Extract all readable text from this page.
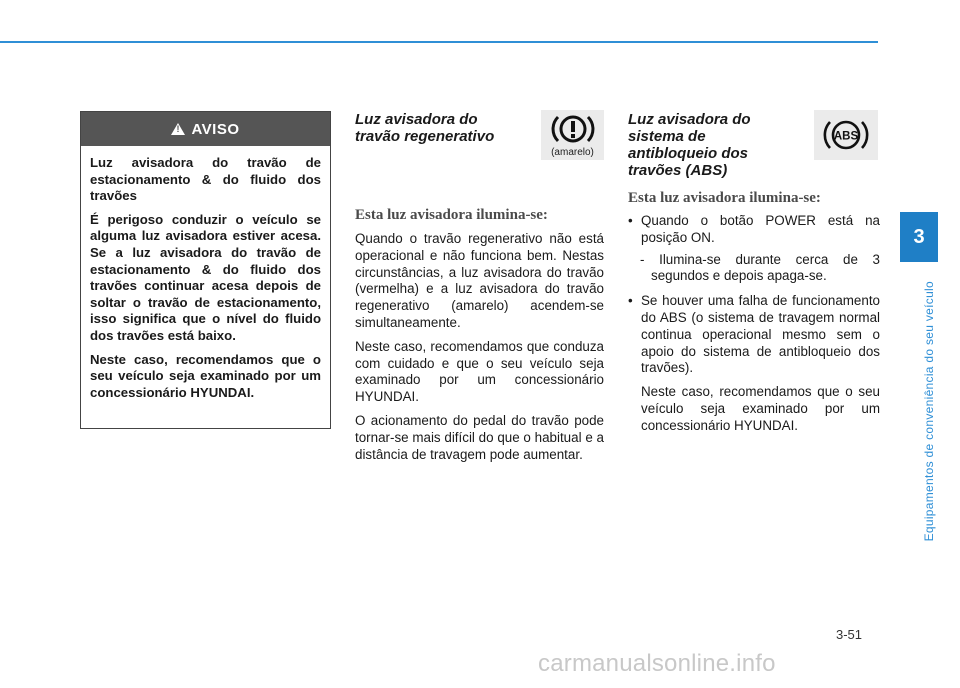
3
Equipamentos de conveniência do seu veículo
!
AVISO

Luz avisadora do travão de estacionamento & do fluido dos travões

É perigoso conduzir o veículo se alguma luz avisadora estiver acesa. Se a luz avisadora do travão de estacionamento & do fluido dos travões continuar acesa depois de soltar o travão de estacionamento, isso significa que o nível do fluido dos travões está baixo.

Neste caso, recomendamos que o seu veículo seja examinado por um concessionário HYUNDAI.

Luz avisadora do
travão regenerativo
Esta luz avisadora ilumina-se:

Quando o travão regenerativo não está operacional e não funciona bem. Nestas circunstâncias, a luz avisadora do travão (vermelha) e a luz avisadora do travão regenerativo (amarelo) acendem-se simultaneamente.

Neste caso, recomendamos que conduza com cuidado e que o seu veículo seja examinado por um concessionário HYUNDAI.

O acionamento do pedal do travão pode tornar-se mais difícil do que o habitual e a distância de travagem pode aumentar.

(amarelo)
Luz avisadora do
sistema de
antibloqueio dos
travões (ABS)
Esta luz avisadora ilumina-se:
• Quando o botão POWER está na posição ON.
- Ilumina-se durante cerca de 3 segundos e depois apaga-se.
• Se houver uma falha de funcionamento do ABS (o sistema de travagem normal continua operacional mesmo sem o apoio do sistema de antibloqueio dos travões).
Neste caso, recomendamos que o seu veículo seja examinado por um concessionário HYUNDAI.
ABS
3-51
carmanualsonline.info
